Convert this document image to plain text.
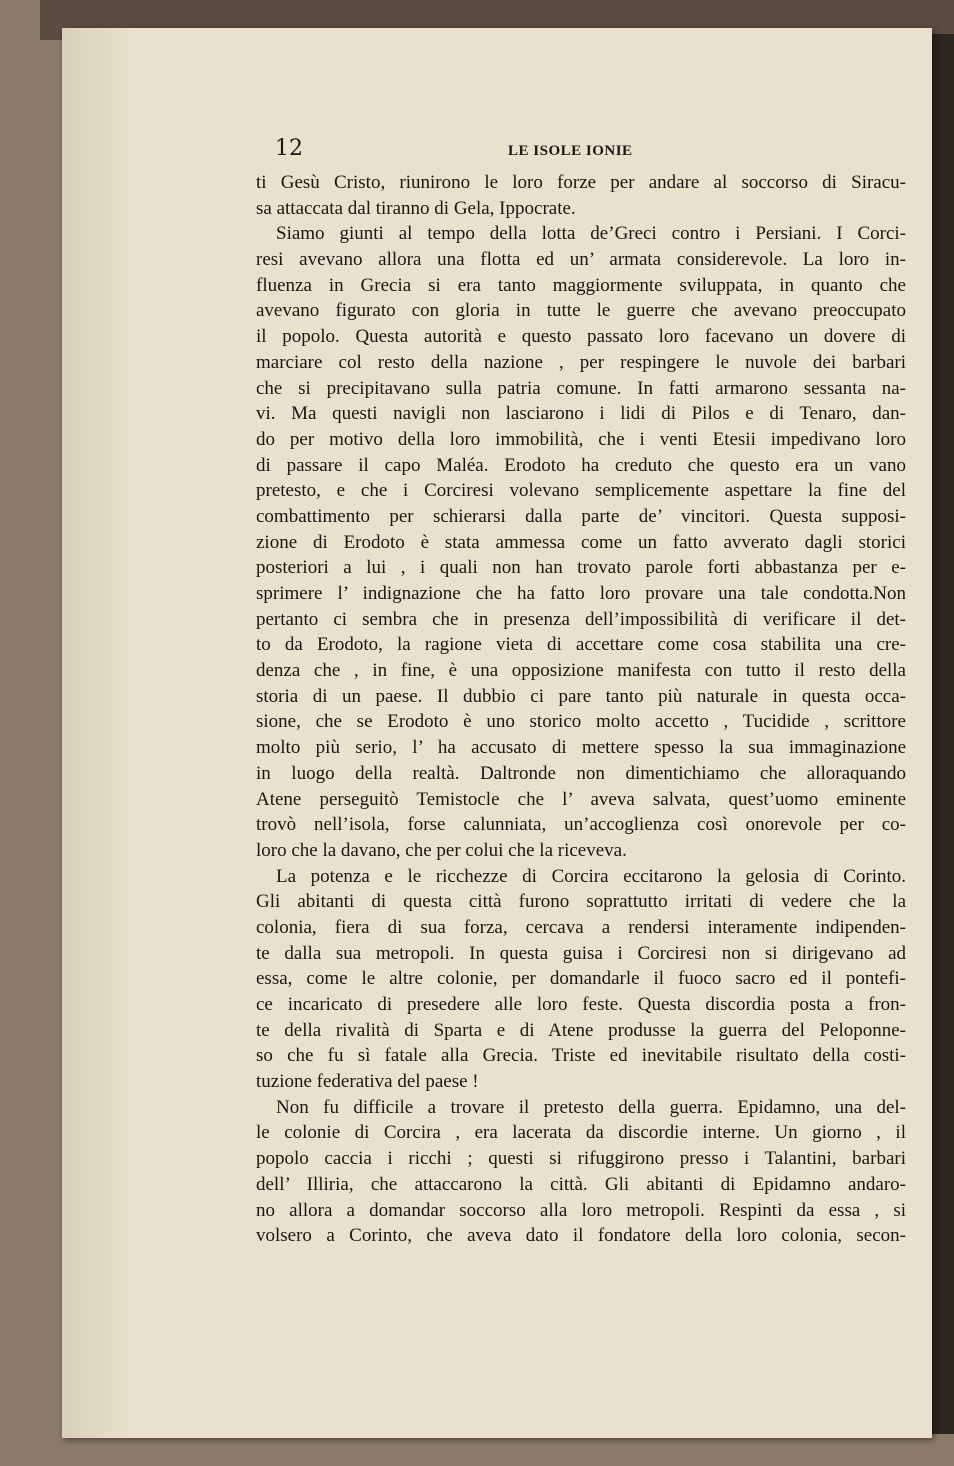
12	LE ISOLE IONIE
ti Gesù Cristo, riunirono le loro forze per andare al soccorso di Siracu-
sa attaccata dal tiranno di Gela, Ippocrate.
Siamo giunti al tempo della lotta de’Greci contro i Persiani. I Corci-
resi avevano allora una flotta ed un’ armata considerevole. La loro in-
fluenza in Grecia si era tanto maggiormente sviluppata, in quanto che
avevano figurato con gloria in tutte le guerre che avevano preoccupato
il popolo. Questa autorità e questo passato loro facevano un dovere di
marciare col resto della nazione , per respingere le nuvole dei barbari
che si precipitavano sulla patria comune. In fatti armarono sessanta na-
vi. Ma questi navigli non lasciarono i lidi di Pilos e di Tenaro, dan-
do per motivo della loro immobilità, che i venti Etesii impedivano loro
di passare il capo Maléa. Erodoto ha creduto che questo era un vano
pretesto, e che i Corciresi volevano semplicemente aspettare la fine del
combattimento per schierarsi dalla parte de’ vincitori. Questa supposi-
zione di Erodoto è stata ammessa come un fatto avverato dagli storici
posteriori a lui , i quali non han trovato parole forti abbastanza per e-
sprimere l’ indignazione che ha fatto loro provare una tale condotta.Non
pertanto ci sembra che in presenza dell’impossibilità di verificare il det-
to da Erodoto, la ragione vieta di accettare come cosa stabilita una cre-
denza che , in fine, è una opposizione manifesta con tutto il resto della
storia di un paese. Il dubbio ci pare tanto più naturale in questa occa-
sione, che se Erodoto è uno storico molto accetto , Tucidide , scrittore
molto più serio, l’ ha accusato di mettere spesso la sua immaginazione
in luogo della realtà. Daltronde non dimentichiamo che alloraquando
Atene perseguitò Temistocle che l’ aveva salvata, quest’uomo eminente
trovò nell’isola, forse calunniata, un’accoglienza così onorevole per co-
loro che la davano, che per colui che la riceveva.
La potenza e le ricchezze di Corcira eccitarono la gelosia di Corinto.
Gli abitanti di questa città furono soprattutto irritati di vedere che la
colonia, fiera di sua forza, cercava a rendersi interamente indipenden-
te dalla sua metropoli. In questa guisa i Corciresi non si dirigevano ad
essa, come le altre colonie, per domandarle il fuoco sacro ed il pontefi-
ce incaricato di presedere alle loro feste. Questa discordia posta a fron-
te della rivalità di Sparta e di Atene produsse la guerra del Peloponne-
so che fu sì fatale alla Grecia. Triste ed inevitabile risultato della costi-
tuzione federativa del paese !
Non fu difficile a trovare il pretesto della guerra. Epidamno, una del-
le colonie di Corcira , era lacerata da discordie interne. Un giorno , il
popolo caccia i ricchi ; questi si rifuggirono presso i Talantini, barbari
dell’ Illiria, che attaccarono la città. Gli abitanti di Epidamno andaro-
no allora a domandar soccorso alla loro metropoli. Respinti da essa , si
volsero a Corinto, che aveva dato il fondatore della loro colonia, secon-
